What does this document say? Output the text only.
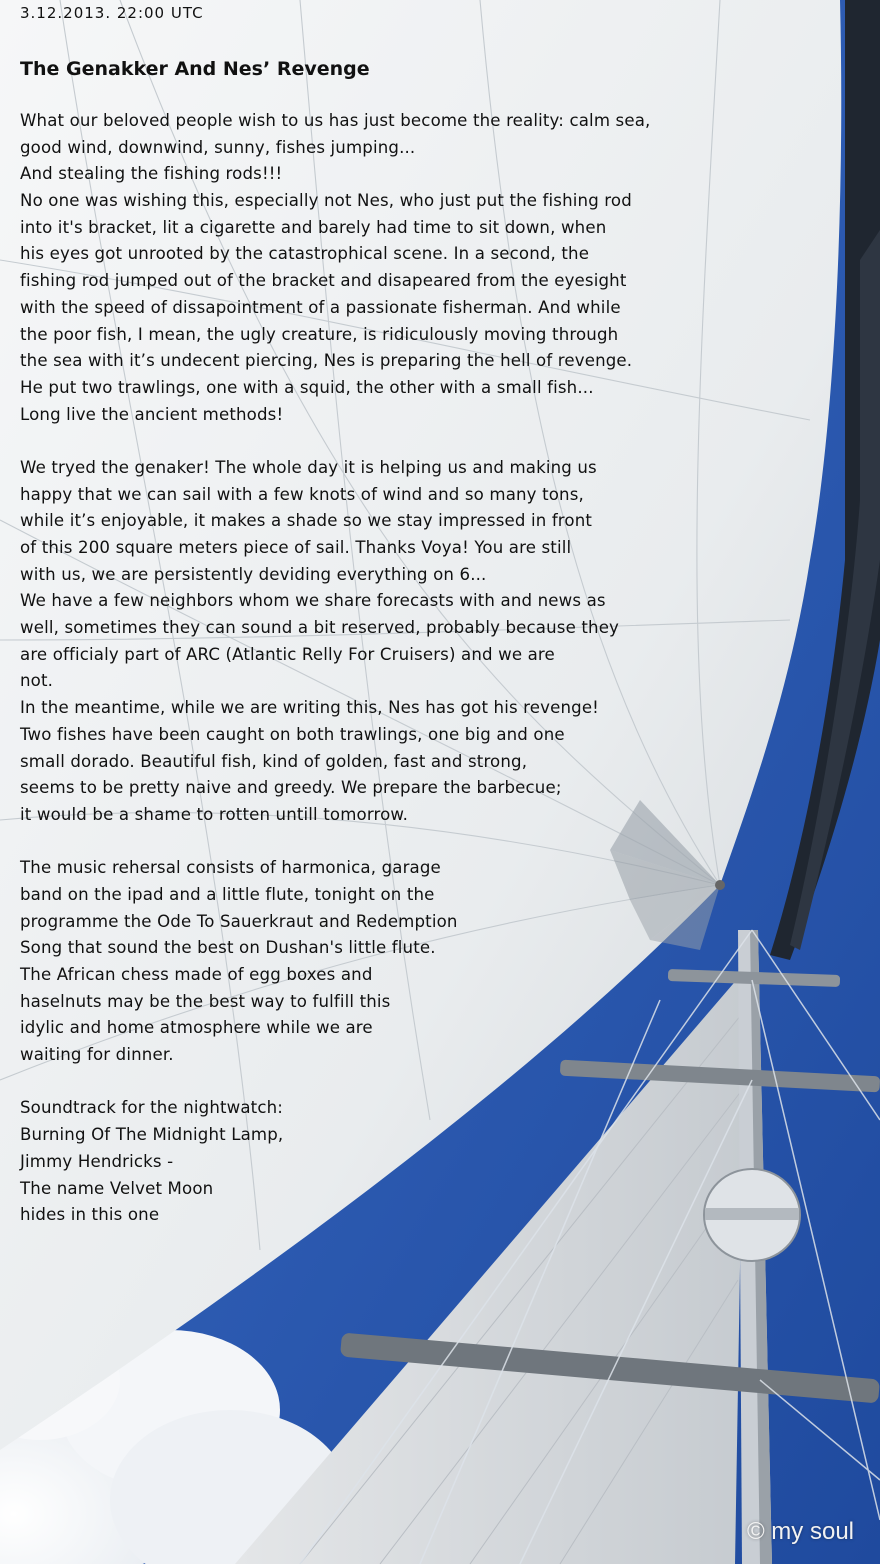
3.12.2013. 22:00 UTC
The Genakker And Nes’ Revenge
What our beloved people wish to us has just become the reality: calm sea,
good wind, downwind, sunny, fishes jumping...
And stealing the fishing rods!!!
No one was wishing this, especially not Nes, who just put the fishing rod
into it's bracket, lit a cigarette and barely had time to sit down, when
his eyes got unrooted by the catastrophical scene. In a second, the
fishing rod jumped out of the bracket and disapeared from the eyesight
with the speed of dissapointment of a passionate fisherman. And while
the poor fish, I mean, the ugly creature, is ridiculously moving through
the sea with it’s undecent piercing, Nes is preparing the hell of revenge.
He put two trawlings, one with a squid, the other with a small fish...
Long live the ancient methods!
We tryed the genaker! The whole day it is helping us and making us
happy that we can sail with a few knots of wind and so many tons,
while it’s enjoyable, it makes a shade so we stay impressed in front
of this 200 square meters piece of sail. Thanks Voya! You are still
with us, we are persistently deviding everything on 6...
We have a few neighbors whom we share forecasts with and news as
well, sometimes they can sound a bit reserved, probably because they
are officialy part of ARC (Atlantic Relly For Cruisers) and we are
not.
In the meantime, while we are writing this, Nes has got his revenge!
Two fishes have been caught on both trawlings, one big and one
small dorado. Beautiful fish, kind of golden, fast and strong,
seems to be pretty naive and greedy. We prepare the barbecue;
it would be a shame to rotten untill tomorrow.
The music rehersal consists of harmonica, garage
band on the ipad and a little flute, tonight on the
programme the Ode To Sauerkraut and Redemption
Song that sound the best on Dushan's little flute.
The African chess made of egg boxes and
haselnuts may be the best way to fulfill this
idylic and home atmosphere while we are
waiting for dinner.
Soundtrack for the nightwatch:
Burning Of The Midnight Lamp,
Jimmy Hendricks -
The name Velvet Moon
hides in this one
© my soul
